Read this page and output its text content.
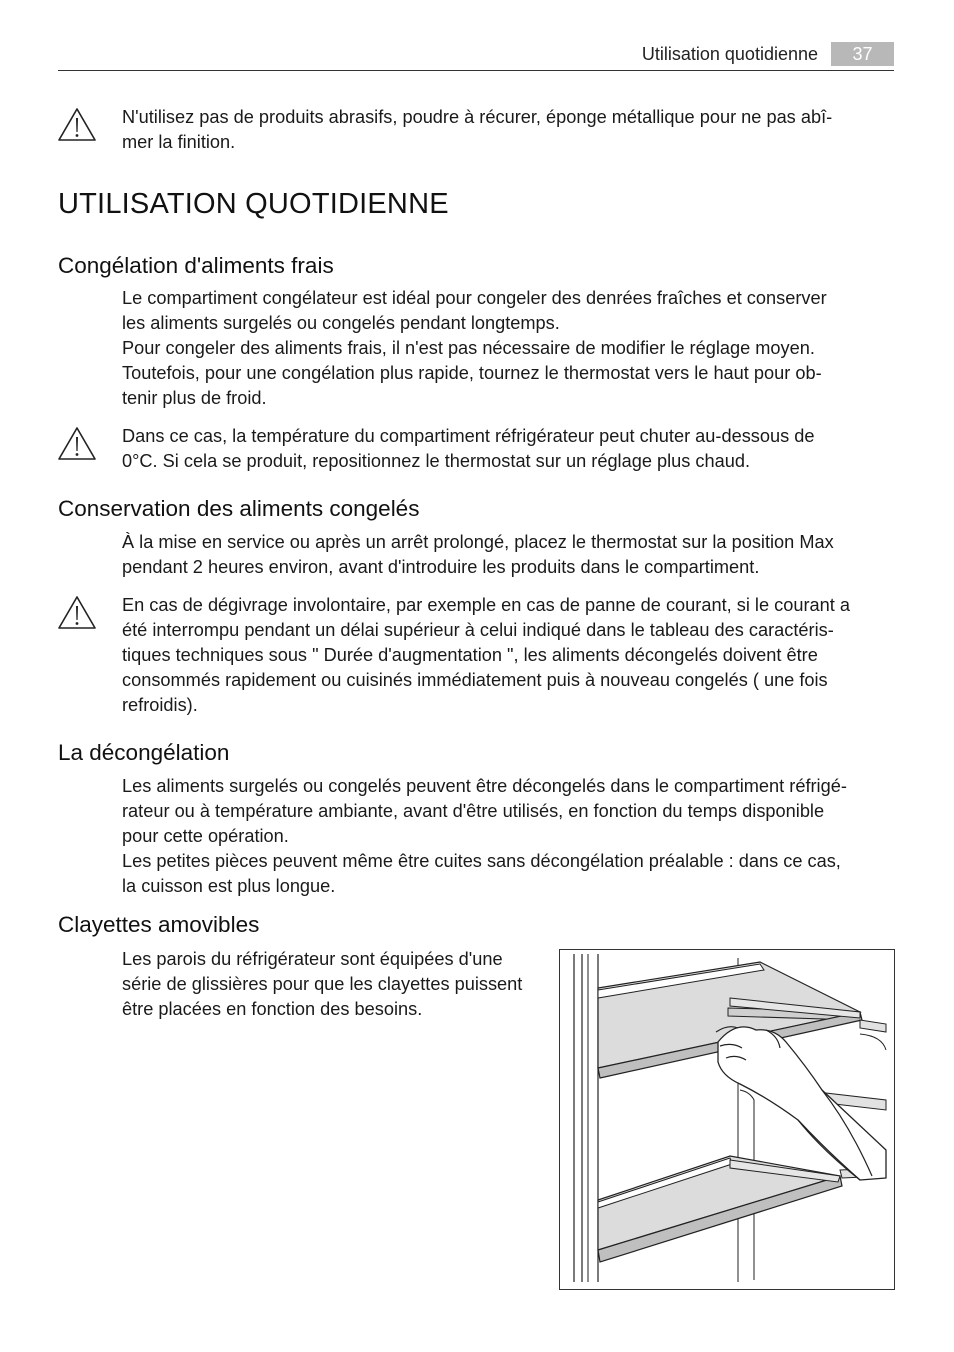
Utilisation quotidienne	37

N'utilisez pas de produits abrasifs, poudre à récurer, éponge métallique pour ne pas abî-

mer la finition.

UTILISATION QUOTIDIENNE
Congélation d'aliments frais

Le compartiment congélateur est idéal pour congeler des denrées fraîches et conserver

les aliments surgelés ou congelés pendant longtemps.

Pour congeler des aliments frais, il n'est pas nécessaire de modifier le réglage moyen.

Toutefois, pour une congélation plus rapide, tournez le thermostat vers le haut pour ob-

tenir plus de froid.

Dans ce cas, la température du compartiment réfrigérateur peut chuter au-dessous de

0°C. Si cela se produit, repositionnez le thermostat sur un réglage plus chaud.

Conservation des aliments congelés

À la mise en service ou après un arrêt prolongé, placez le thermostat sur la position Max

pendant 2 heures environ, avant d'introduire les produits dans le compartiment.

En cas de dégivrage involontaire, par exemple en cas de panne de courant, si le courant a

été interrompu pendant un délai supérieur à celui indiqué dans le tableau des caractéris-

tiques techniques sous " Durée d'augmentation ", les aliments décongelés doivent être

consommés rapidement ou cuisinés immédiatement puis à nouveau congelés ( une fois

refroidis).

La décongélation

Les aliments surgelés ou congelés peuvent être décongelés dans le compartiment réfrigé-

rateur ou à température ambiante, avant d'être utilisés, en fonction du temps disponible

pour cette opération.

Les petites pièces peuvent même être cuites sans décongélation préalable : dans ce cas,

la cuisson est plus longue.

Clayettes amovibles

Les parois du réfrigérateur sont équipées d'une

série de glissières pour que les clayettes puissent

être placées en fonction des besoins.
